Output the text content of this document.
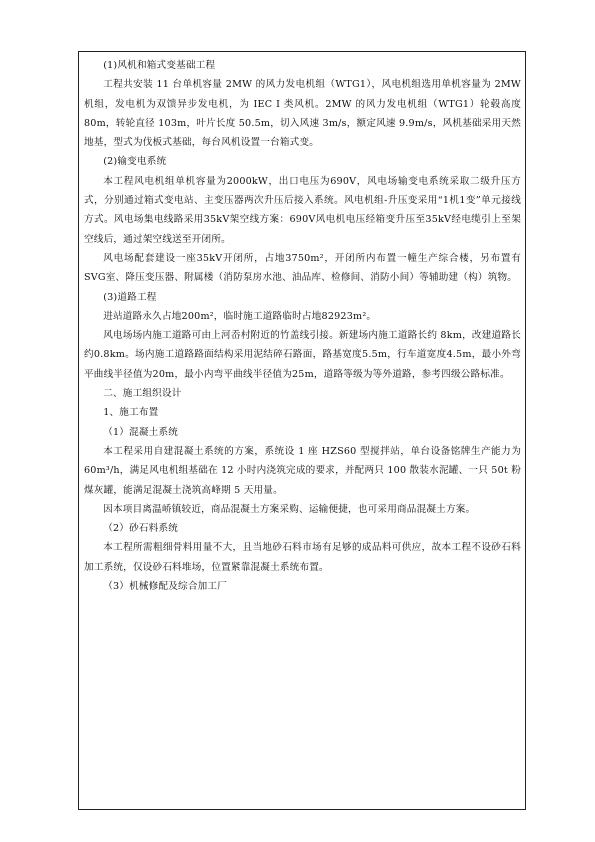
(1)风机和箱式变基础工程

工程共安装 11 台单机容量 2MW 的风力发电机组（WTG1），风电机组选用单机容量为 2MW 机组，发电机为双馈异步发电机，为 IEC I 类风机。2MW 的风力发电机组（WTG1）轮毂高度 80m，转轮直径 103m，叶片长度 50.5m，切入风速 3m/s，额定风速 9.9m/s，风机基础采用天然地基，型式为伐板式基础，每台风机设置一台箱式变。

(2)输变电系统

本工程风电机组单机容量为2000kW，出口电压为690V，风电场输变电系统采取二级升压方式，分别通过箱式变电站、主变压器两次升压后接入系统。风电机组-升压变采用“1机1变”单元接线方式。风电场集电线路采用35kV架空线方案：690V风电机电压经箱变升压至35kV经电缆引上至架空线后，通过架空线送至开闭所。

风电场配套建设一座35kV开闭所，占地3750m²，开闭所内布置一幢生产综合楼，另布置有SVG室、降压变压器、附属楼（消防泵房水池、油品库、检修间、消防小间）等辅助建（构）筑物。

(3)道路工程

进站道路永久占地200m²，临时施工道路临时占地82923m²。

风电场场内施工道路可由上河岙村附近的竹盖线引接。新建场内施工道路长约 8km，改建道路长约0.8km。场内施工道路路面结构采用泥结碎石路面，路基宽度5.5m，行车道宽度4.5m，最小外弯平曲线半径值为20m，最小内弯平曲线半径值为25m，道路等级为等外道路，参考四级公路标准。

二、施工组织设计

1、施工布置

（1）混凝土系统

本工程采用自建混凝土系统的方案，系统设 1 座 HZS60 型搅拌站，单台设备铭牌生产能力为 60m³/h，满足风电机组基础在 12 小时内浇筑完成的要求，并配两只 100 散装水泥罐、一只 50t 粉煤灰罐，能满足混凝土浇筑高峰期 5 天用量。

因本项目离温峤镇较近，商品混凝土方案采购、运输便捷，也可采用商品混凝土方案。

（2）砂石料系统

本工程所需粗细骨料用量不大，且当地砂石料市场有足够的成品料可供应，故本工程不设砂石料加工系统，仅设砂石料堆场，位置紧靠混凝土系统布置。

（3）机械修配及综合加工厂
